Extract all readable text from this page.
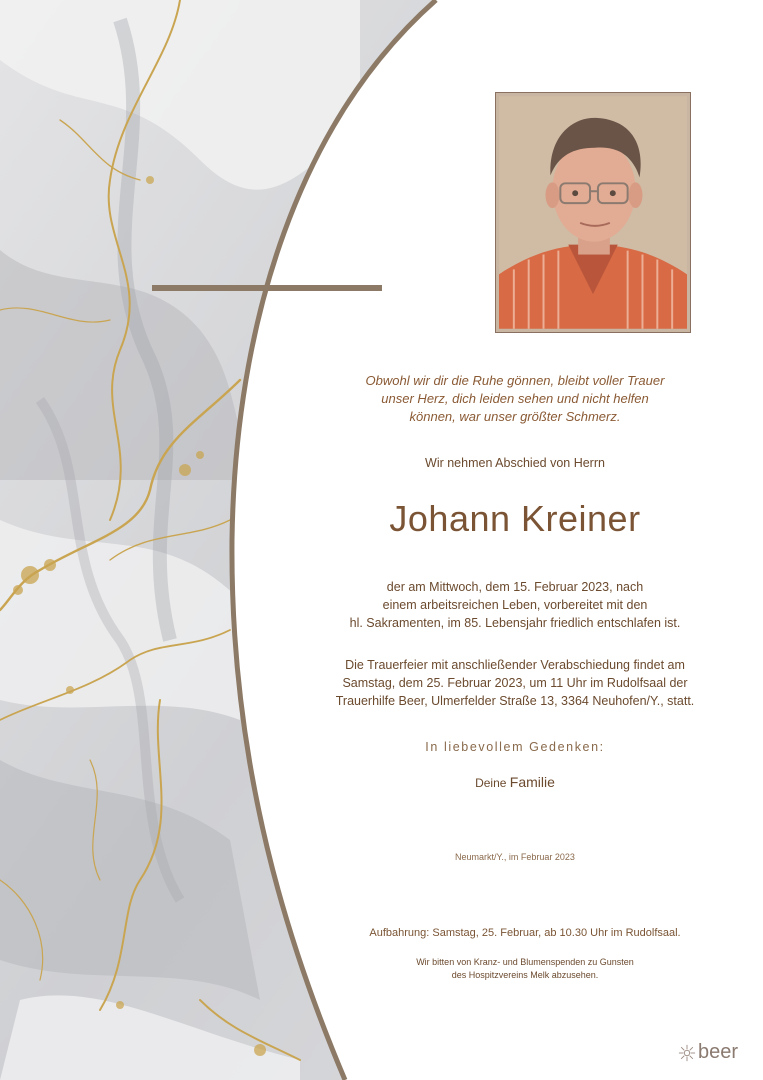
Obwohl wir dir die Ruhe gönnen, bleibt voller Trauer
unser Herz, dich leiden sehen und nicht helfen
können, war unser größter Schmerz.
Wir nehmen Abschied von Herrn
Johann Kreiner
der am Mittwoch, dem 15. Februar 2023, nach
einem arbeitsreichen Leben, vorbereitet mit den
hl. Sakramenten, im 85. Lebensjahr friedlich entschlafen ist.
Die Trauerfeier mit anschließender Verabschiedung findet am
Samstag, dem 25. Februar 2023, um 11 Uhr im Rudolfsaal der
Trauerhilfe Beer, Ulmerfelder Straße 13, 3364 Neuhofen/Y., statt.
In liebevollem Gedenken:
Deine Familie
Neumarkt/Y., im Februar 2023
Aufbahrung: Samstag, 25. Februar, ab 10.30 Uhr im Rudolfsaal.
Wir bitten von Kranz- und Blumenspenden zu Gunsten
des Hospitzvereins Melk abzusehen.
beer
